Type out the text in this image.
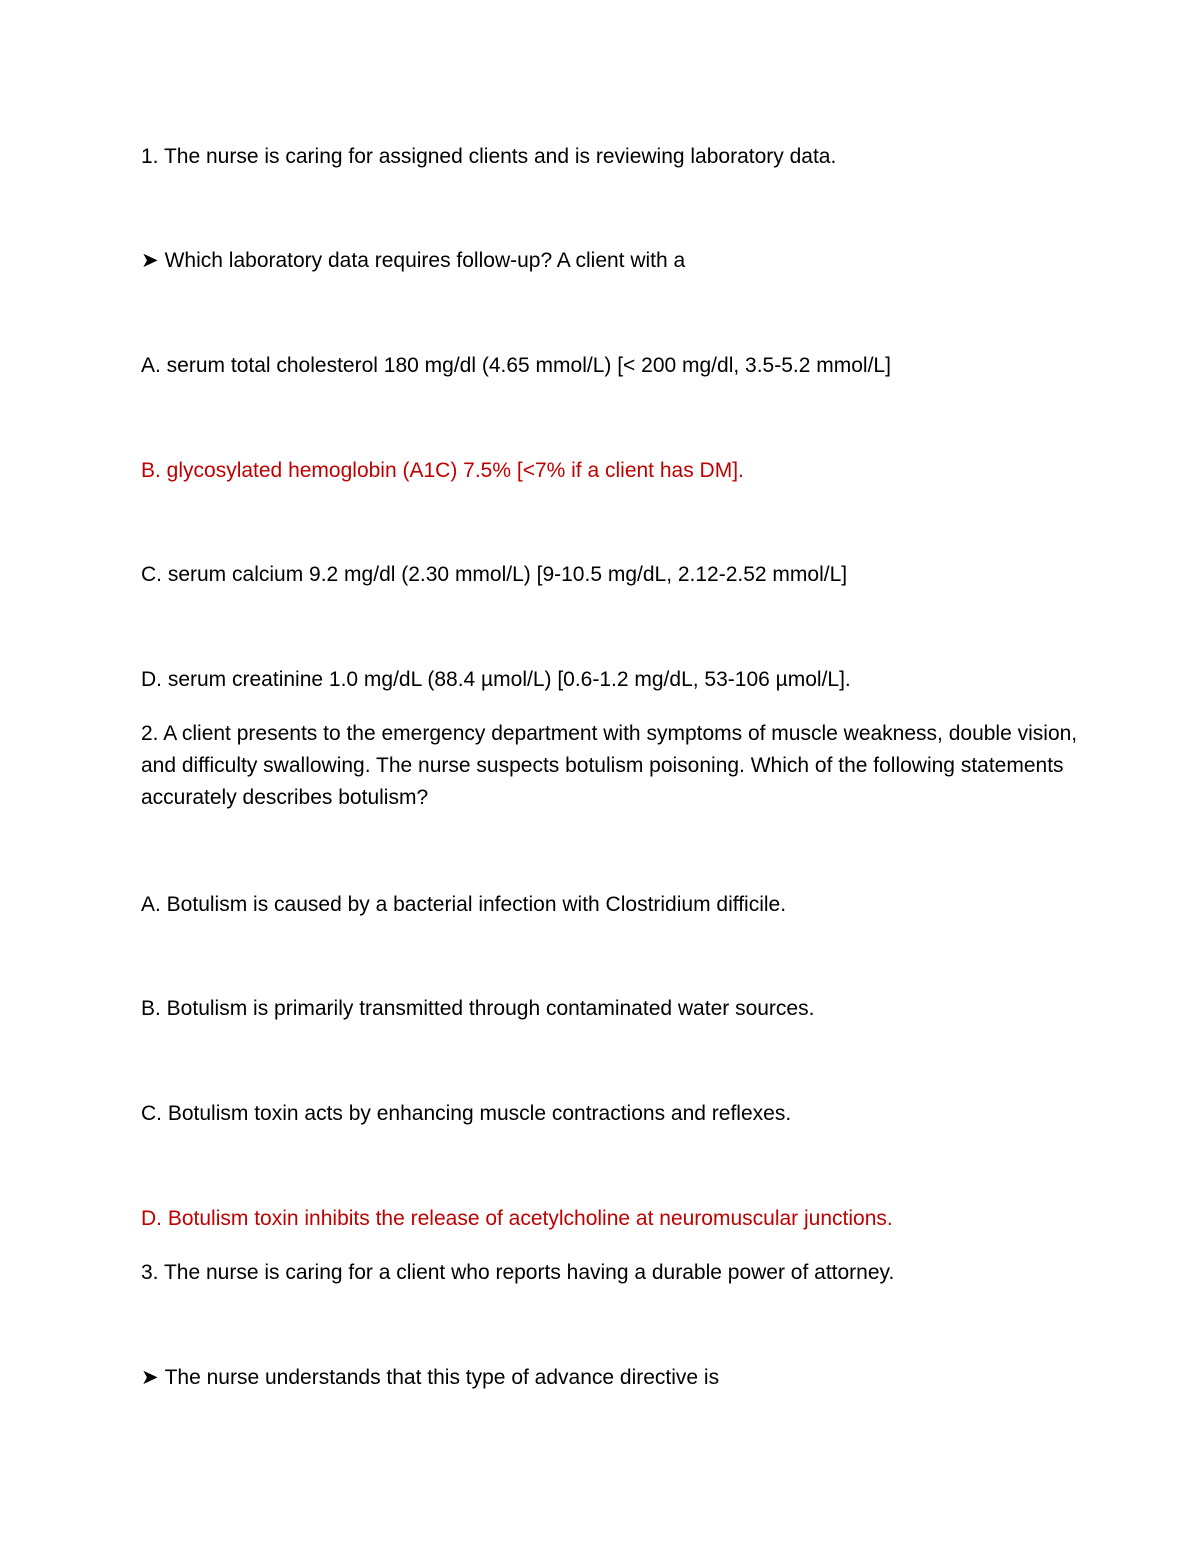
1. The nurse is caring for assigned clients and is reviewing laboratory data.

➤ Which laboratory data requires follow-up? A client with a

A. serum total cholesterol 180 mg/dl (4.65 mmol/L) [< 200 mg/dl, 3.5-5.2 mmol/L]

B. glycosylated hemoglobin (A1C) 7.5% [<7% if a client has DM].

C. serum calcium 9.2 mg/dl (2.30 mmol/L) [9-10.5 mg/dL, 2.12-2.52 mmol/L]

D. serum creatinine 1.0 mg/dL (88.4 µmol/L) [0.6-1.2 mg/dL, 53-106 µmol/L].

2. A client presents to the emergency department with symptoms of muscle weakness, double vision, and difficulty swallowing. The nurse suspects botulism poisoning. Which of the following statements accurately describes botulism?

A. Botulism is caused by a bacterial infection with Clostridium difficile.

B. Botulism is primarily transmitted through contaminated water sources.

C. Botulism toxin acts by enhancing muscle contractions and reflexes.

D. Botulism toxin inhibits the release of acetylcholine at neuromuscular junctions.

3. The nurse is caring for a client who reports having a durable power of attorney.

➤ The nurse understands that this type of advance directive is
